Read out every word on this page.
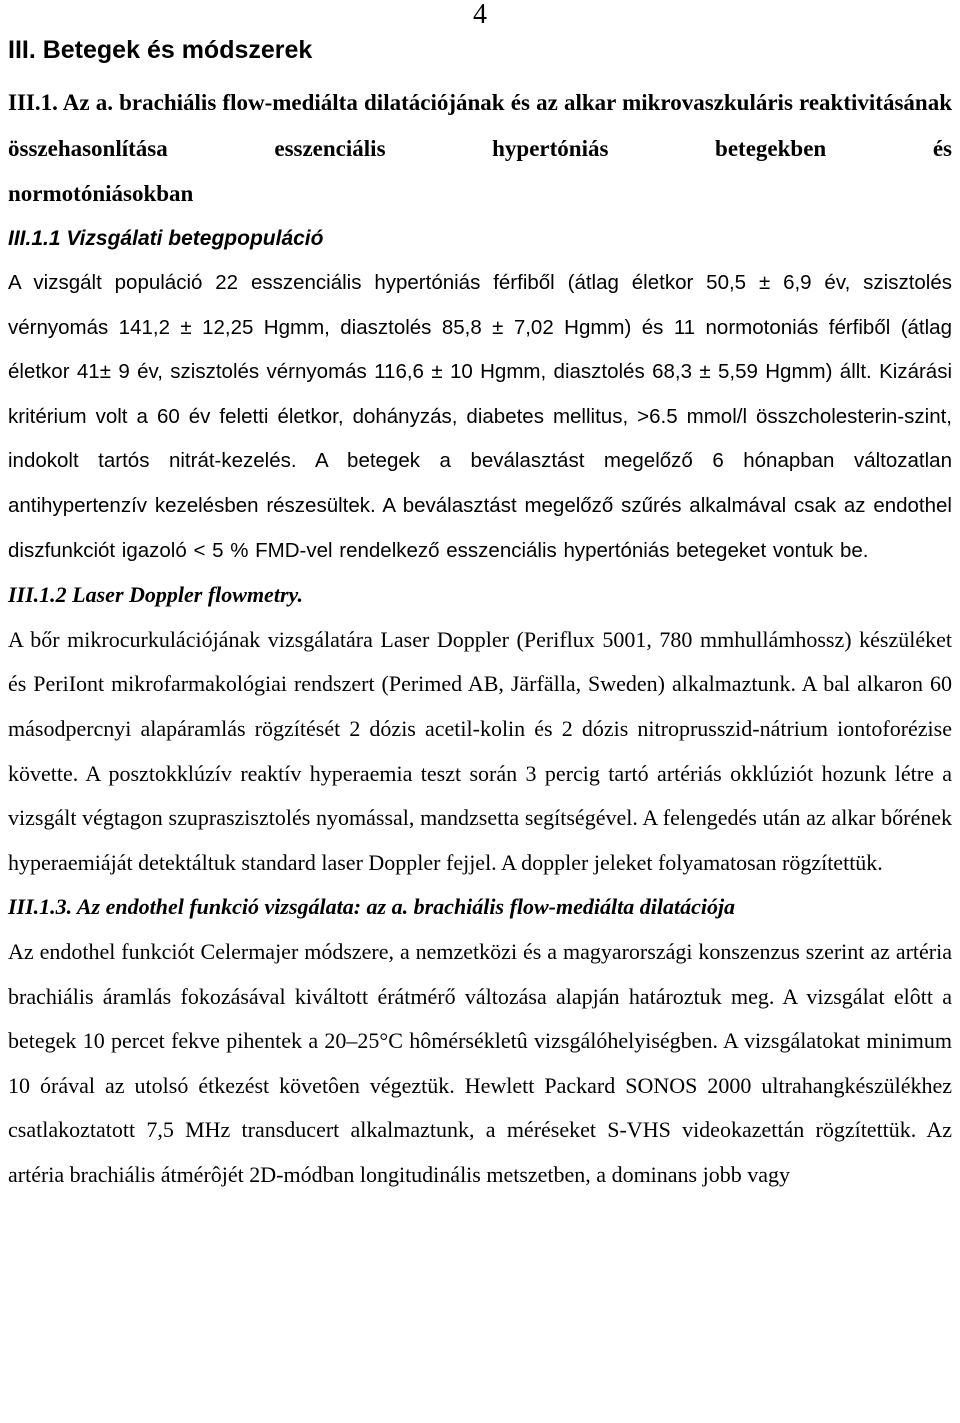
4
III. Betegek és módszerek

III.1. Az a. brachiális flow-mediálta dilatációjának és az alkar mikrovaszkuláris reaktivitásának összehasonlítása esszenciális hypertóniás betegekben és
normotóniásokban

III.1.1 Vizsgálati betegpopuláció

A vizsgált populáció 22 esszenciális hypertóniás férfiből (átlag életkor 50,5 ± 6,9 év, szisztolés vérnyomás 141,2 ± 12,25 Hgmm, diasztolés 85,8 ± 7,02 Hgmm) és 11 normotoniás férfiből (átlag életkor 41± 9 év, szisztolés vérnyomás 116,6 ± 10 Hgmm, diasztolés 68,3 ± 5,59 Hgmm) állt. Kizárási kritérium volt a 60 év feletti életkor, dohányzás, diabetes mellitus, >6.5 mmol/l összcholesterin-szint, indokolt tartós nitrát-kezelés. A betegek a beválasztást megelőző 6 hónapban változatlan antihypertenzív kezelésben részesültek. A beválasztást megelőző szűrés alkalmával csak az endothel diszfunkciót igazoló < 5 % FMD-vel rendelkező esszenciális hypertóniás betegeket vontuk be.

III.1.2 Laser Doppler flowmetry.

A bőr mikrocurkulációjának vizsgálatára Laser Doppler (Periflux 5001, 780 mmhullámhossz) készüléket és PeriIont mikrofarmakológiai rendszert (Perimed AB, Järfälla, Sweden) alkalmaztunk. A bal alkaron 60 másodpercnyi alapáramlás rögzítését 2 dózis acetil-kolin és 2 dózis nitroprusszid-nátrium iontoforézise követte. A posztokklúzív reaktív hyperaemia teszt során 3 percig tartó artériás okklúziót hozunk létre a vizsgált végtagon szupraszisztolés nyomással, mandzsetta segítségével. A felengedés után az alkar bőrének hyperaemiáját detektáltuk standard laser Doppler fejjel. A doppler jeleket folyamatosan rögzítettük.

III.1.3. Az endothel funkció vizsgálata: az a. brachiális flow-mediálta dilatációja

Az endothel funkciót Celermajer módszere, a nemzetközi és a magyarországi konszenzus szerint az artéria brachiális áramlás fokozásával kiváltott érátmérő változása alapján határoztuk meg. A vizsgálat elôtt a betegek 10 percet fekve pihentek a 20–25°C hômérsékletû vizsgálóhelyiségben. A vizsgálatokat minimum 10 órával az utolsó étkezést követôen végeztük. Hewlett Packard SONOS 2000 ultrahangkészülékhez csatlakoztatott 7,5 MHz transducert alkalmaztunk, a méréseket S-VHS videokazettán rögzítettük. Az artéria brachiális átmérôjét 2D-módban longitudinális metszetben, a dominans jobb vagy
